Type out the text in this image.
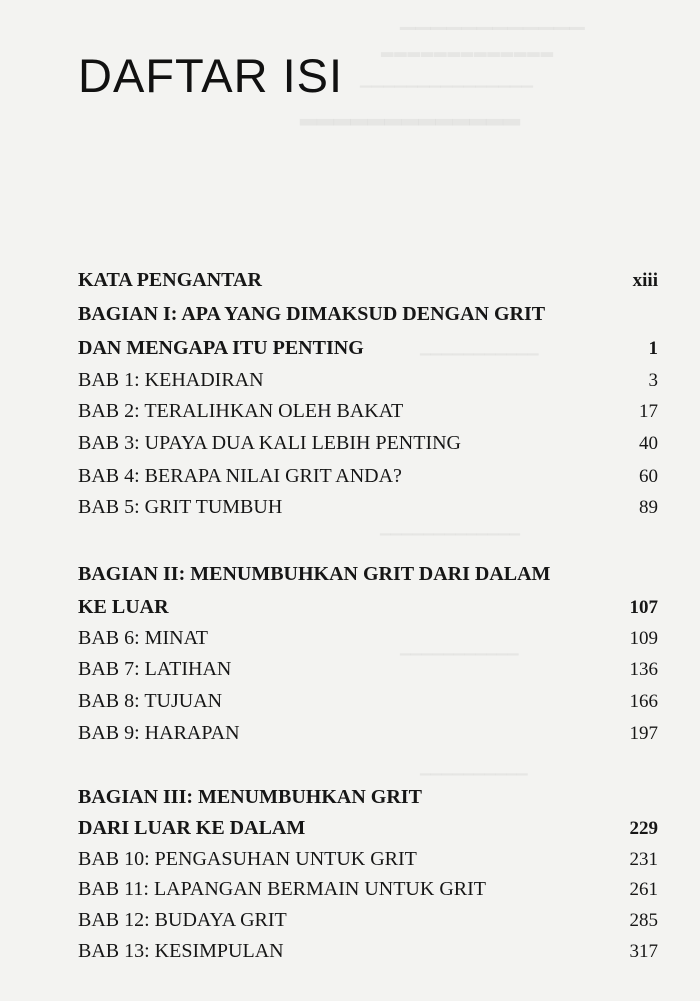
▁▁▁▁▁▁▁▁▁▁▁▁
▂▂▂▂▂▂▂▂▂▂▂▂▂
▁▁▁▁▁▁▁▁▁▁▁▁▁▁▁
▂▂▂▂▂▂▂▂▂▂▂▂▂
▁▁▁▁▁▁▁▁▁▁▁
▁▁▁▁▁▁▁▁▁▁▁▁▁
▁▁▁▁▁▁▁▁▁▁▁
▁▁▁▁▁▁▁▁▁▁
DAFTAR ISI
KATA PENGANTAR	xiii
BAGIAN I: APA YANG DIMAKSUD DENGAN GRIT
DAN MENGAPA ITU PENTING	1
BAB 1: KEHADIRAN	3
BAB 2: TERALIHKAN OLEH BAKAT	17
BAB 3: UPAYA DUA KALI LEBIH PENTING	40
BAB 4: BERAPA NILAI GRIT ANDA?	60
BAB 5: GRIT TUMBUH	89
BAGIAN II: MENUMBUHKAN GRIT DARI DALAM
KE LUAR	107
BAB 6: MINAT	109
BAB 7: LATIHAN	136
BAB 8: TUJUAN	166
BAB 9: HARAPAN	197
BAGIAN III: MENUMBUHKAN GRIT
DARI LUAR KE DALAM	229
BAB 10: PENGASUHAN UNTUK GRIT	231
BAB 11: LAPANGAN BERMAIN UNTUK GRIT	261
BAB 12: BUDAYA GRIT	285
BAB 13: KESIMPULAN	317
